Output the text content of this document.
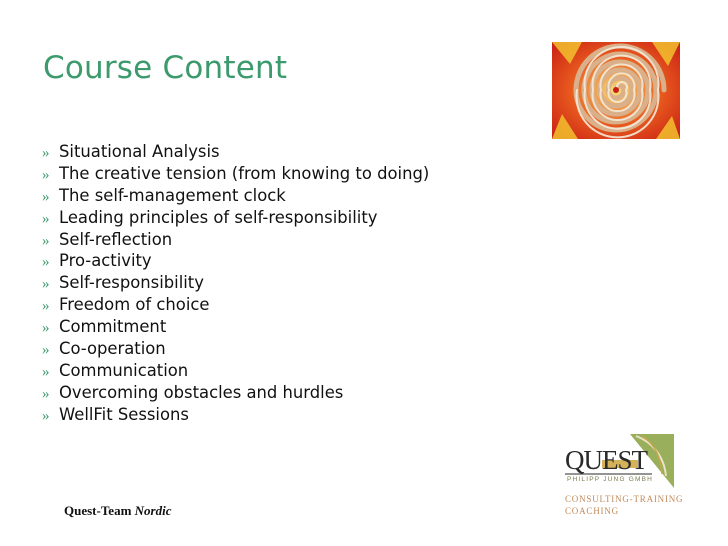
Course Content
» Situational Analysis
» The creative tension (from knowing to doing)
» The self-management clock
» Leading principles of self-responsibility
» Self-reflection
» Pro-activity
» Self-responsibility
» Freedom of choice
» Commitment
» Co-operation
» Communication
» Overcoming obstacles and hurdles
» WellFit Sessions
Quest-Team Nordic
QUEST
PHILIPP JUNG GMBH
CONSULTING-TRAINING
COACHING
